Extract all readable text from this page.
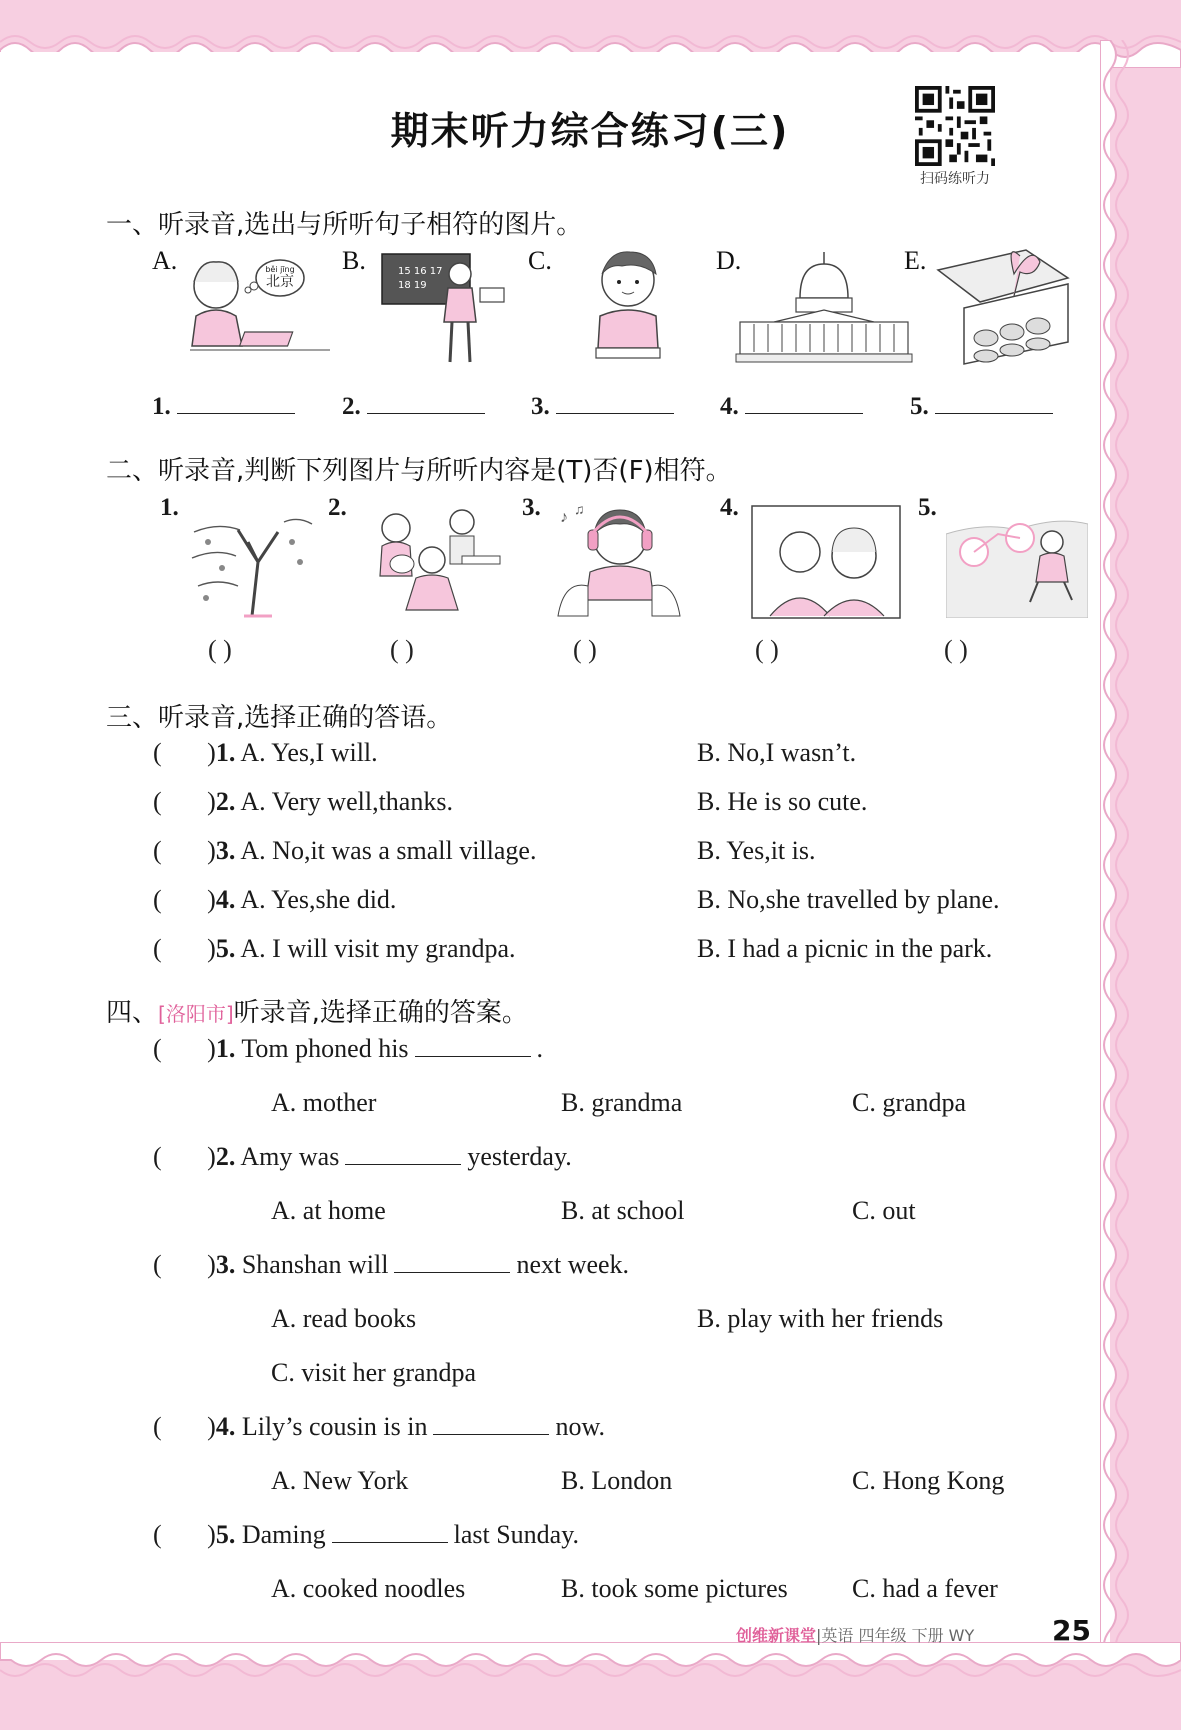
期末听力综合练习(三)
扫码练听力
一、听录音,选出与所听句子相符的图片。
A.	B.	C.	D.	E.
běi jīng
北京
15 16 17
18 19
1.	2.	3.	4.	5.
二、听录音,判断下列图片与所听内容是(T)否(F)相符。
1.	2.	3.	4.	5.
♪ ♫
( )	( )	( )	( )	( )
三、听录音,选择正确的答语。
(       )1. A. Yes,I will.	B. No,I wasn’t.
(       )2. A. Very well,thanks.	B. He is so cute.
(       )3. A. No,it was a small village.	B. Yes,it is.
(       )4. A. Yes,she did.	B. No,she travelled by plane.
(       )5. A. I will visit my grandpa.	B. I had a picnic in the park.
四、[洛阳市]听录音,选择正确的答案。
(       )1. Tom phoned his	.
A. mother	B. grandma	C. grandpa
(       )2. Amy was	yesterday.
A. at home	B. at school	C. out
(       )3. Shanshan will	next week.
A. read books	B. play with her friends
C. visit her grandpa
(       )4. Lily’s cousin is in	now.
A. New York	B. London	C. Hong Kong
(       )5. Daming	last Sunday.
A. cooked noodles	B. took some pictures C. had a fever
创维新课堂|英语 四年级 下册 WY	25
